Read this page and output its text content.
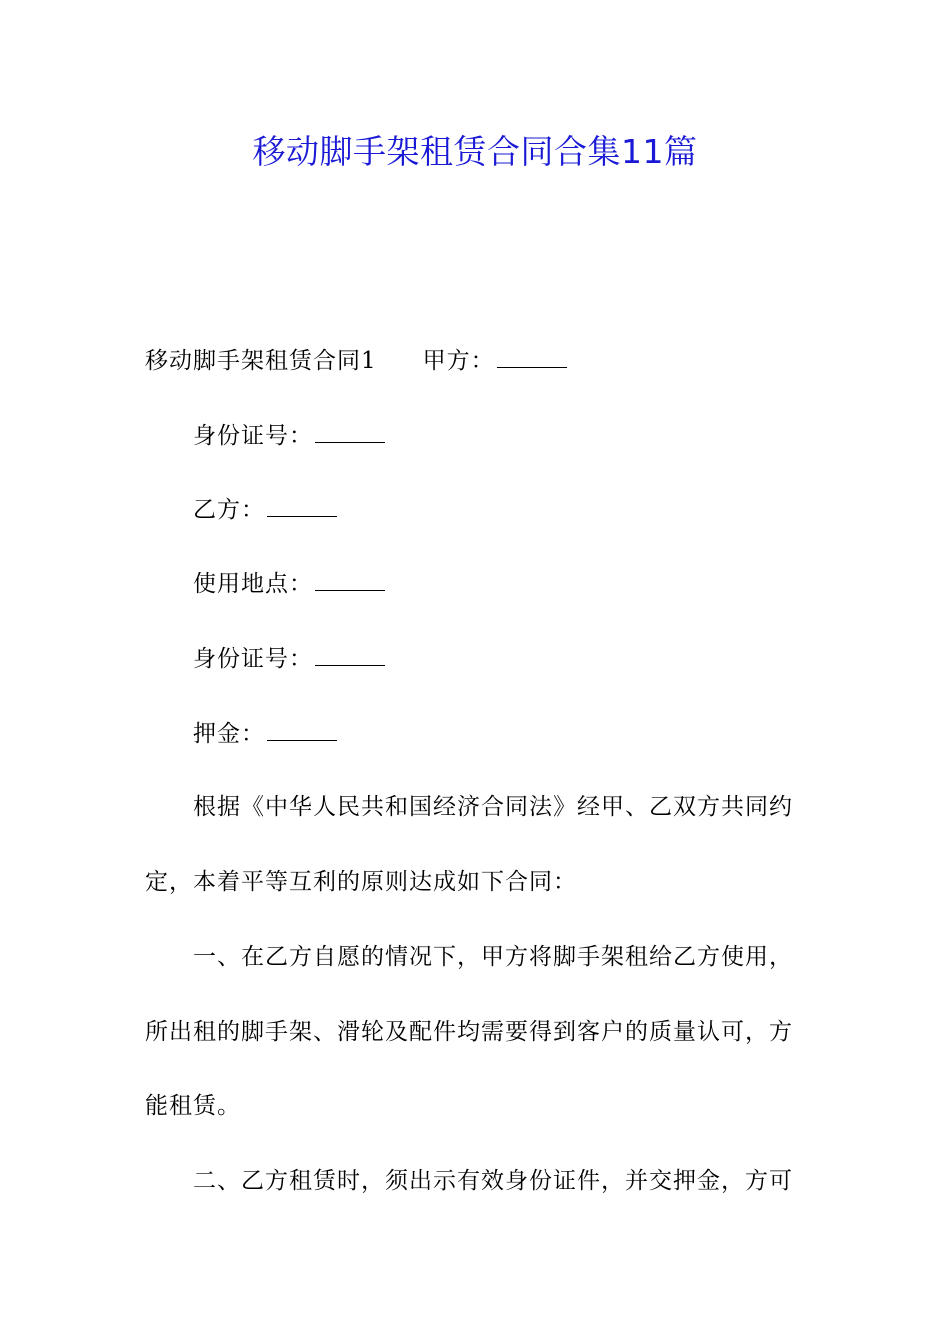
移动脚手架租赁合同合集11篇
移动脚手架租赁合同1 甲方：
身份证号：
乙方：
使用地点：
身份证号：
押金：
根据《中华人民共和国经济合同法》经甲、乙双方共同约
定，本着平等互利的原则达成如下合同：
一、在乙方自愿的情况下，甲方将脚手架租给乙方使用，
所出租的脚手架、滑轮及配件均需要得到客户的质量认可，方
能租赁。
二、乙方租赁时，须出示有效身份证件，并交押金，方可
